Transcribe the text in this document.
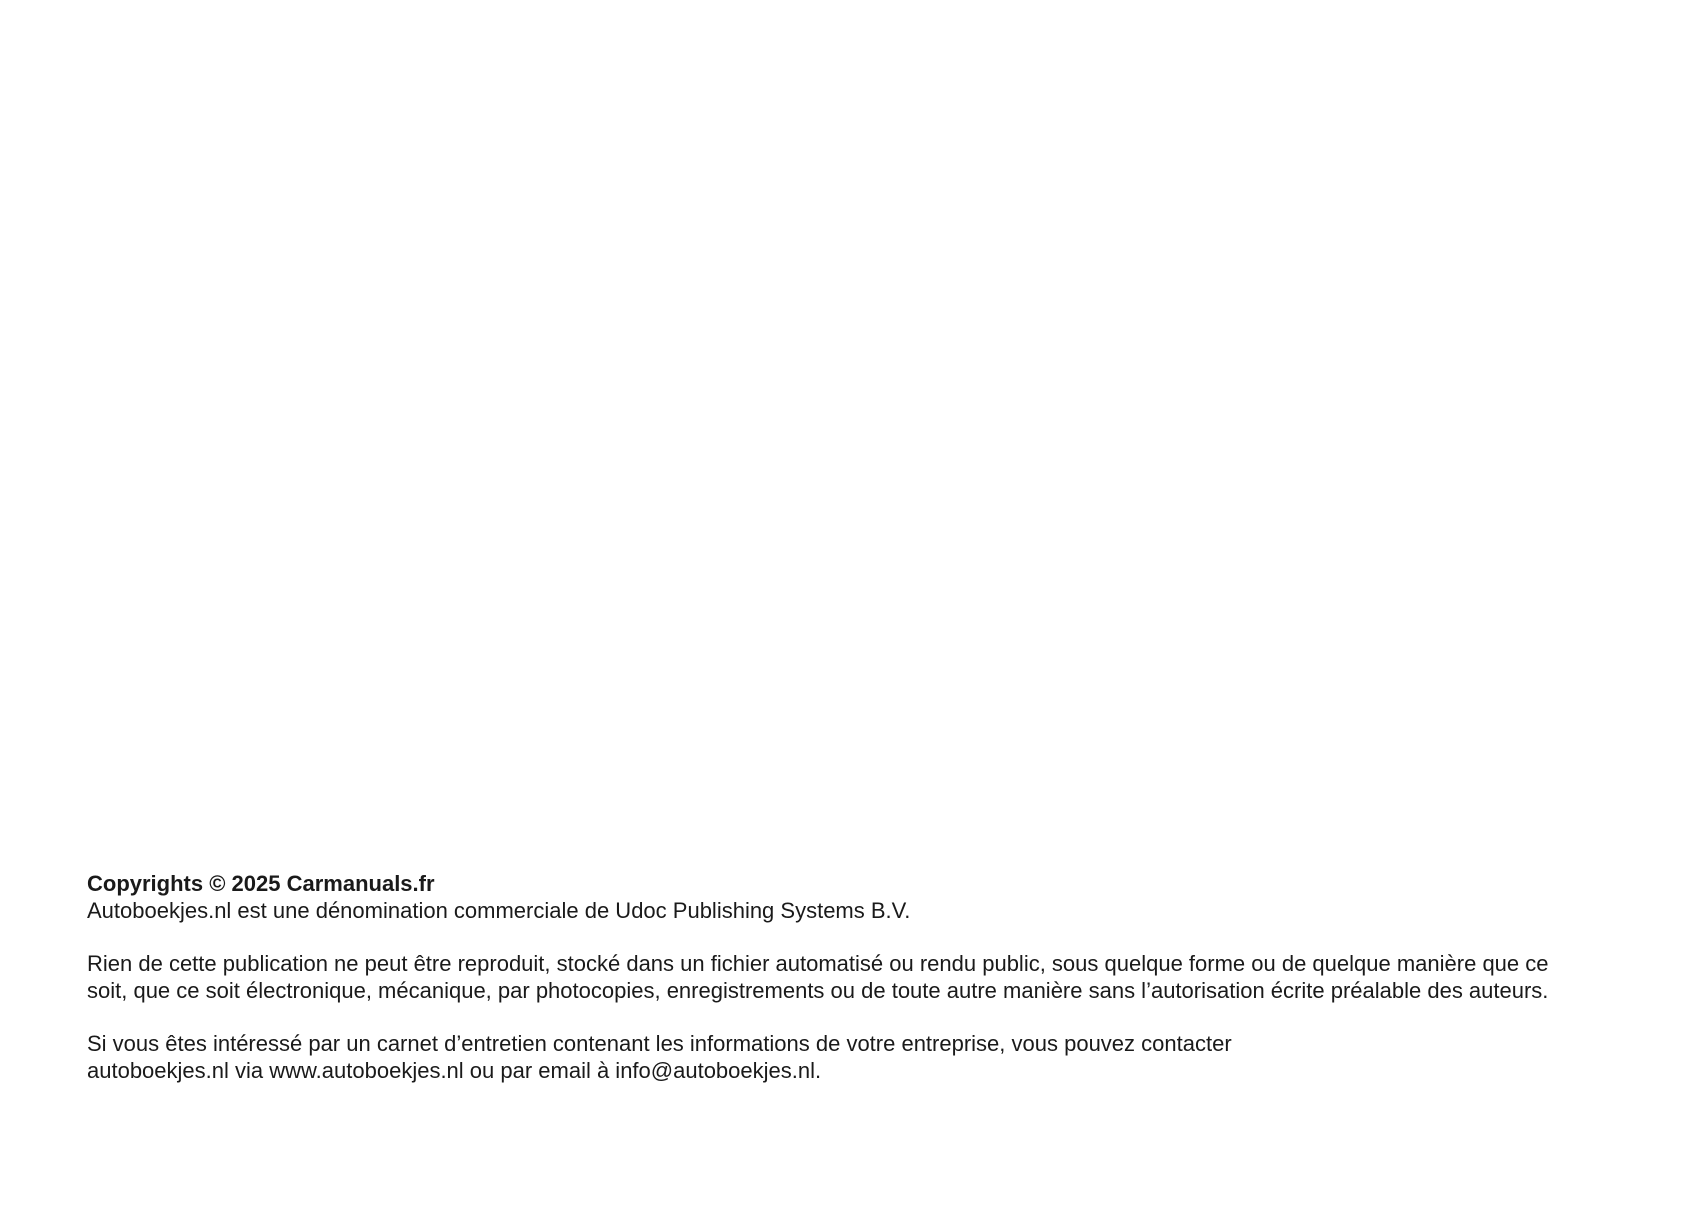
Copyrights © 2025 Carmanuals.fr
Autoboekjes.nl est une dénomination commerciale de Udoc Publishing Systems B.V.
Rien de cette publication ne peut être reproduit, stocké dans un fichier automatisé ou rendu public, sous quelque forme ou de quelque manière que ce
soit, que ce soit électronique, mécanique, par photocopies, enregistrements ou de toute autre manière sans l’autorisation écrite préalable des auteurs.
Si vous êtes intéressé par un carnet d’entretien contenant les informations de votre entreprise, vous pouvez contacter
autoboekjes.nl via www.autoboekjes.nl ou par email à info@autoboekjes.nl.
